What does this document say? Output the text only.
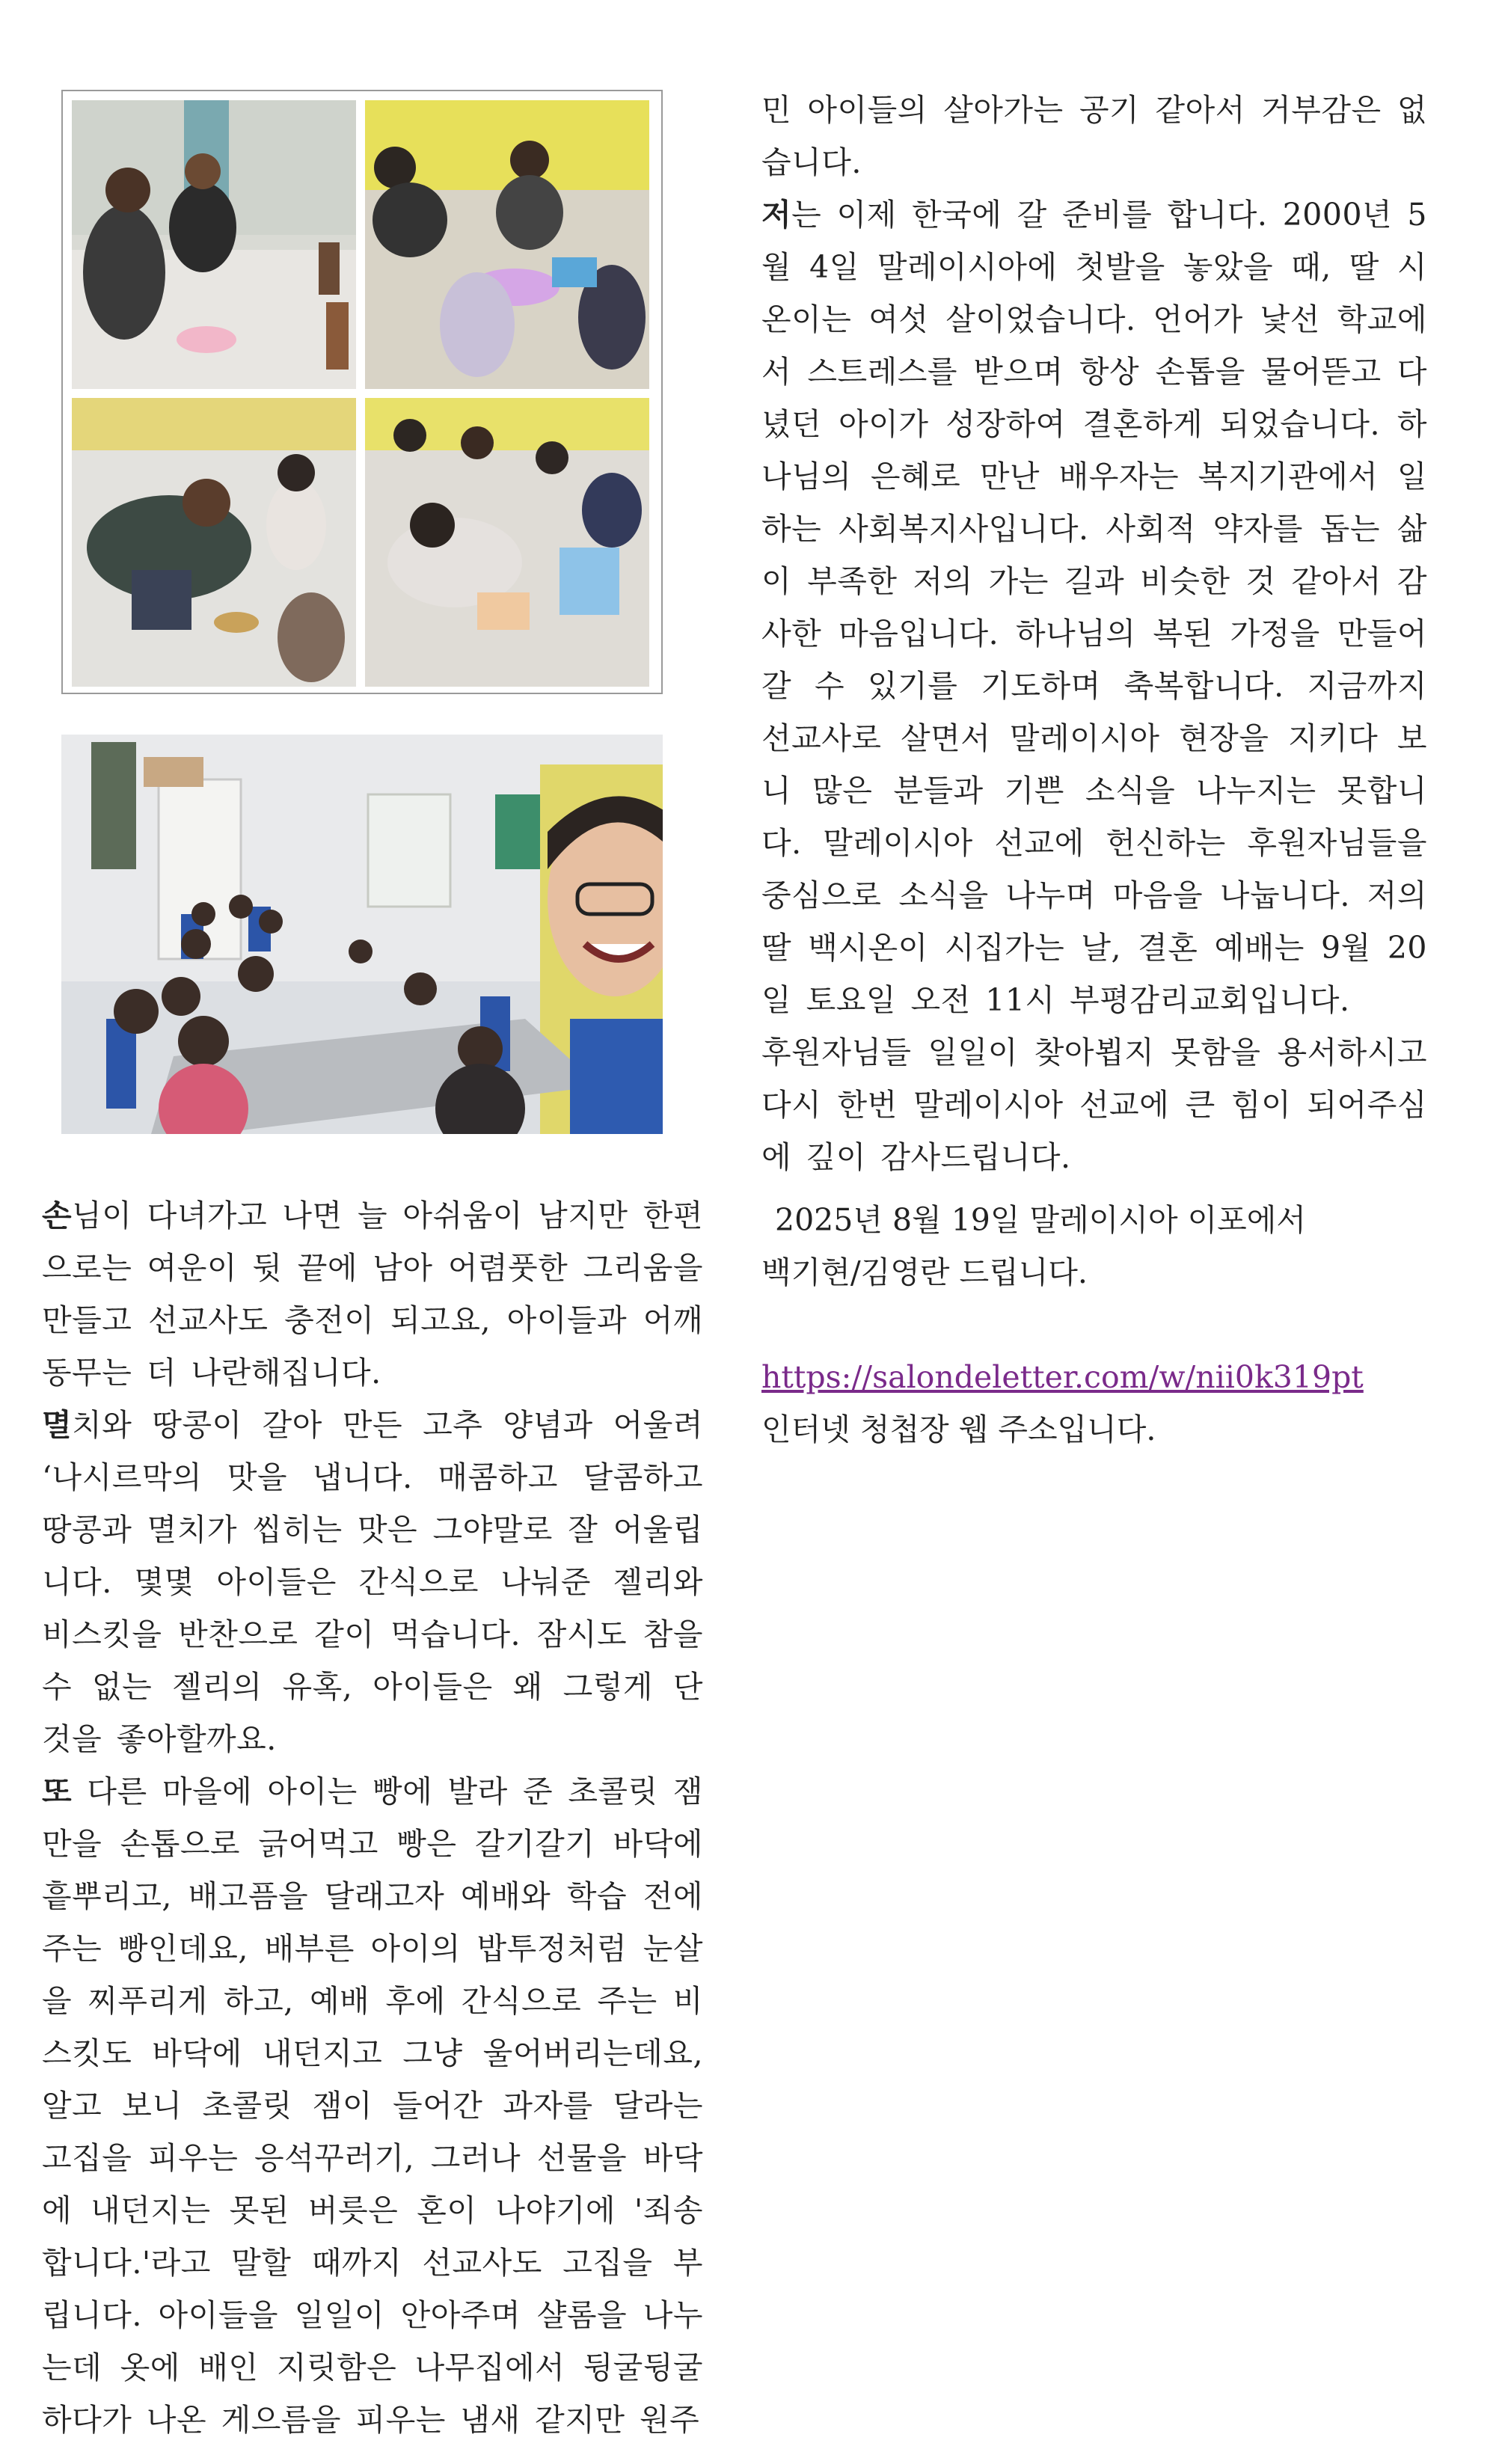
손님이 다녀가고 나면 늘 아쉬움이 남지만 한편으로는 여운이 뒷 끝에 남아 어렴풋한 그리움을 만들고 선교사도 충전이 되고요, 아이들과 어깨동무는 더 나란해집니다.

멸치와 땅콩이 갈아 만든 고추 양념과 어울려 ‘나시르막의 맛을 냅니다. 매콤하고 달콤하고 땅콩과 멸치가 씹히는 맛은 그야말로 잘 어울립니다. 몇몇 아이들은 간식으로 나눠준 젤리와 비스킷을 반찬으로 같이 먹습니다. 잠시도 참을 수 없는 젤리의 유혹, 아이들은 왜 그렇게 단 것을 좋아할까요.

또 다른 마을에 아이는 빵에 발라 준 초콜릿 잼만을 손톱으로 긁어먹고 빵은 갈기갈기 바닥에 흩뿌리고, 배고픔을 달래고자 예배와 학습 전에 주는 빵인데요, 배부른 아이의 밥투정처럼 눈살을 찌푸리게 하고, 예배 후에 간식으로 주는 비스킷도 바닥에 내던지고 그냥 울어버리는데요, 알고 보니 초콜릿 잼이 들어간 과자를 달라는 고집을 피우는 응석꾸러기, 그러나 선물을 바닥에 내던지는 못된 버릇은 혼이 나야기에 '죄송합니다.'라고 말할 때까지 선교사도 고집을 부립니다. 아이들을 일일이 안아주며 샬롬을 나누는데 옷에 배인 지릿함은 나무집에서 뒹굴뒹굴하다가 나온 게으름을 피우는 냄새 같지만 원주

민 아이들의 살아가는 공기 같아서 거부감은 없습니다.

저는 이제 한국에 갈 준비를 합니다. 2000년 5월 4일 말레이시아에 첫발을 놓았을 때, 딸 시온이는 여섯 살이었습니다. 언어가 낯선 학교에서 스트레스를 받으며 항상 손톱을 물어뜯고 다녔던 아이가 성장하여 결혼하게 되었습니다. 하나님의 은혜로 만난 배우자는 복지기관에서 일하는 사회복지사입니다. 사회적 약자를 돕는 삶이 부족한 저의 가는 길과 비슷한 것 같아서 감사한 마음입니다. 하나님의 복된 가정을 만들어 갈 수 있기를 기도하며 축복합니다. 지금까지 선교사로 살면서 말레이시아 현장을 지키다 보니 많은 분들과 기쁜 소식을 나누지는 못합니다. 말레이시아 선교에 헌신하는 후원자님들을 중심으로 소식을 나누며 마음을 나눕니다. 저의 딸 백시온이 시집가는 날, 결혼 예배는 9월 20일 토요일 오전 11시 부평감리교회입니다.

후원자님들 일일이 찾아뵙지 못함을 용서하시고 다시 한번 말레이시아 선교에 큰 힘이 되어주심에 깊이 감사드립니다.

2025년 8월 19일 말레이시아 이포에서
백기현/김영란 드립니다.
https://salondeletter.com/w/nii0k319pt
인터넷 청첩장 웹 주소입니다.
